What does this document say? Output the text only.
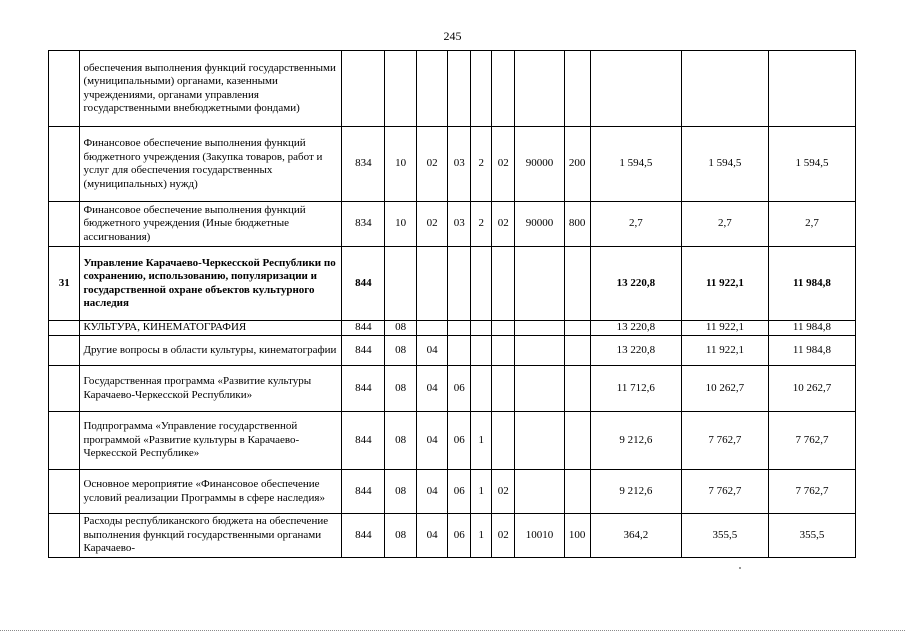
245
	обеспечения выполнения функций государственными (муниципальными) органами, казенными учреждениями, органами управления государственными внебюджетными фондами)											
	Финансовое обеспечение выполнения функций бюджетного учреждения (Закупка товаров, работ и услуг для обеспечения государственных (муниципальных) нужд)	834	10	02	03	2	02	90000	200	1 594,5	1 594,5	1 594,5
	Финансовое обеспечение выполнения функций бюджетного учреждения (Иные бюджетные ассигнования)	834	10	02	03	2	02	90000	800	2,7	2,7	2,7
31	Управление Карачаево-Черкесской Республики по сохранению, использованию, популяризации и государственной охране объектов культурного наследия	844								13 220,8	11 922,1	11 984,8
	КУЛЬТУРА, КИНЕМАТОГРАФИЯ	844	08							13 220,8	11 922,1	11 984,8
	Другие вопросы в области культуры, кинематографии	844	08	04						13 220,8	11 922,1	11 984,8
	Государственная программа «Развитие культуры Карачаево-Черкесской Республики»	844	08	04	06					11 712,6	10 262,7	10 262,7
	Подпрограмма «Управление государственной программой «Развитие культуры в Карачаево-Черкесской Республике»	844	08	04	06	1				9 212,6	7 762,7	7 762,7
	Основное мероприятие «Финансовое обеспечение условий реализации Программы в сфере наследия»	844	08	04	06	1	02			9 212,6	7 762,7	7 762,7
	Расходы республиканского бюджета на обеспечение выполнения функций государственными органами Карачаево-	844	08	04	06	1	02	10010	100	364,2	355,5	355,5
